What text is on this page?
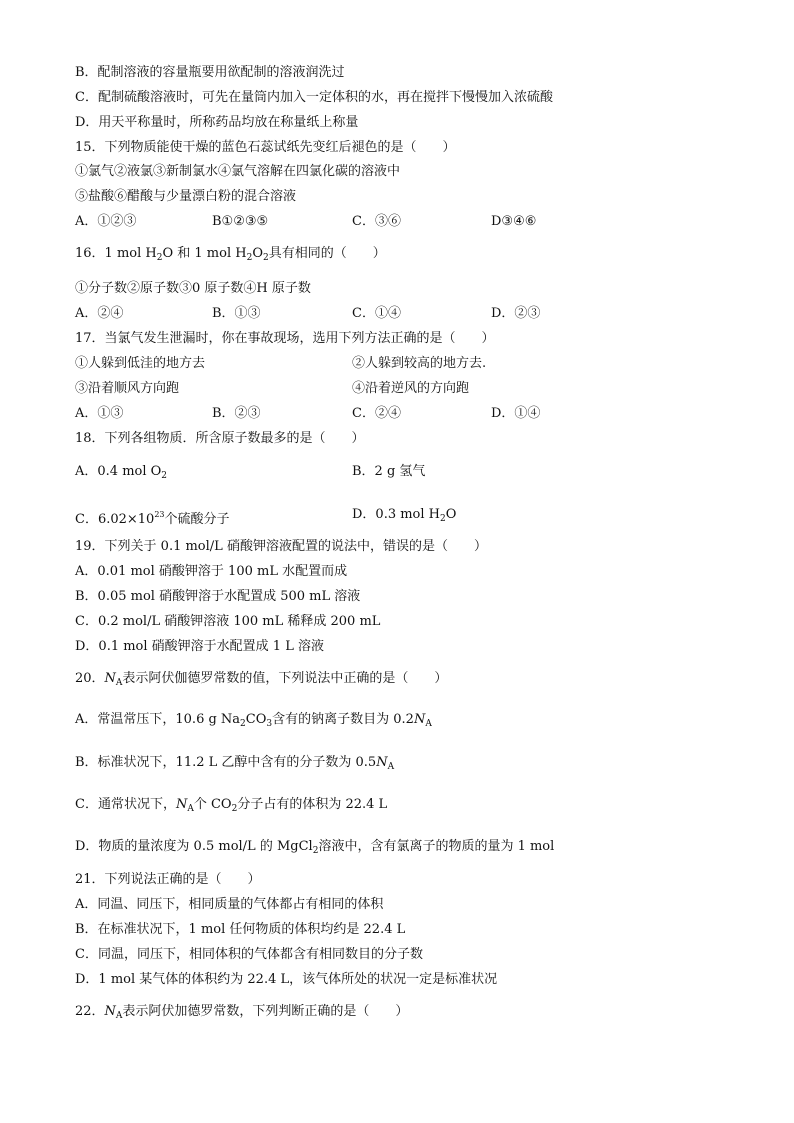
B．配制溶液的容量瓶要用欲配制的溶液润洗过
C．配制硫酸溶液时，可先在量筒内加入一定体积的水，再在搅拌下慢慢加入浓硫酸
D．用天平称量时，所称药品均放在称量纸上称量
15．下列物质能使干燥的蓝色石蕊试纸先变红后褪色的是（　　）
①氯气②液氯③新制氯水④氯气溶解在四氯化碳的溶液中
⑤盐酸⑥醋酸与少量漂白粉的混合溶液
A．①②③	B①②③⑤	C．③⑥	D③④⑥
16．1 mol $H_2O$ 和 1 mol $H_2O_2$具有相同的（　　）
①分子数②原子数③0 原子数④H 原子数
A．②④	B．①③	C．①④	D．②③
17．当氯气发生泄漏时，你在事故现场，选用下列方法正确的是（　　）
①人躲到低洼的地方去	②人躲到较高的地方去.
③沿着顺风方向跑	④沿着逆风的方向跑
A．①③	B．②③	C．②④	D．①④
18．下列各组物质．所含原子数最多的是（　　）
A．0.4 mol $O_2$	B．2 g 氢气
C．$6.02\times 10^{23}$个硫酸分子	D．0.3 mol $H_2O$
19．下列关于 0.1 mol/L 硝酸钾溶液配置的说法中，错误的是（　　）
A．0.01 mol 硝酸钾溶于 100 mL 水配置而成
B．0.05 mol 硝酸钾溶于水配置成 500 mL 溶液
C．0.2 mol/L 硝酸钾溶液 100 mL 稀释成 200 mL
D．0.1 mol 硝酸钾溶于水配置成 1 L 溶液
20．$N_A$表示阿伏伽德罗常数的值，下列说法中正确的是（　　）
A．常温常压下，10.6 g $Na_2CO_3$含有的钠离子数目为 $0.2N_A$
B．标准状况下，11.2 L 乙醇中含有的分子数为 $0.5N_A$
C．通常状况下，$N_A$个 $CO_2$分子占有的体积为 22.4 L
D．物质的量浓度为 0.5 mol/L 的 MgCl$_2$溶液中，含有氯离子的物质的量为 1 mol
21．下列说法正确的是（　　）
A．同温、同压下，相同质量的气体都占有相同的体积
B．在标准状况下，1 mol 任何物质的体积均约是 22.4 L
C．同温，同压下，相同体积的气体都含有相同数目的分子数
D．1 mol 某气体的体积约为 22.4 L，该气体所处的状况一定是标准状况
22．$N_A$表示阿伏加德罗常数，下列判断正确的是（　　）
